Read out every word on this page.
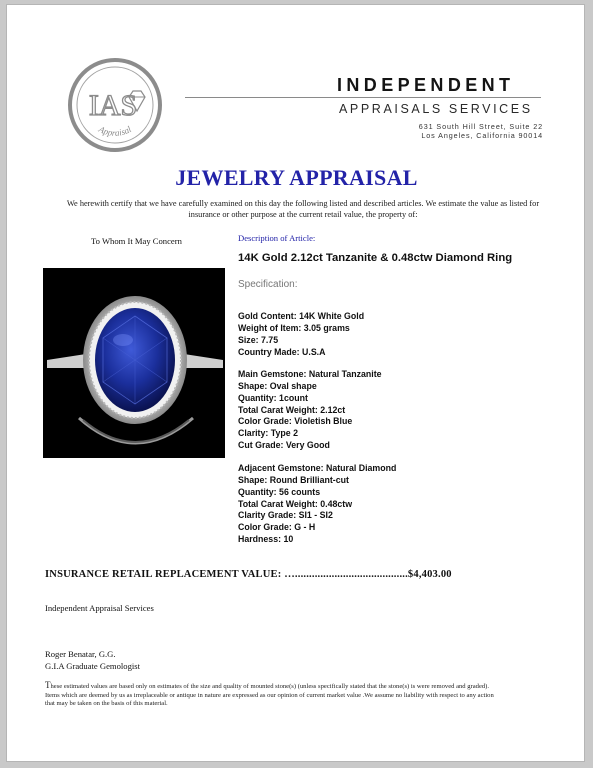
IAS
Appraisal
INDEPENDENT
APPRAISALS SERVICES
631 South Hill Street, Suite 22
Los Angeles, California 90014
JEWELRY APPRAISAL
We herewith certify that we have carefully examined on this day the following listed and described articles. We estimate the value as listed for insurance or other purpose at the current retail value, the property of:
To Whom It May Concern	Description of Article:
14K Gold 2.12ct Tanzanite & 0.48ctw Diamond Ring
Specification:
Gold Content: 14K White Gold
Weight of Item: 3.05 grams
Size: 7.75
Country Made: U.S.A
Main Gemstone: Natural Tanzanite
Shape: Oval shape
Quantity: 1count
Total Carat Weight: 2.12ct
Color Grade: Violetish Blue
Clarity: Type 2
Cut Grade: Very Good
Adjacent Gemstone: Natural Diamond
Shape: Round Brilliant-cut
Quantity: 56 counts
Total Carat Weight: 0.48ctw
Clarity Grade: SI1 - SI2
Color Grade: G - H
Hardness: 10
INSURANCE RETAIL REPLACEMENT VALUE: …........................................$4,403.00
Independent Appraisal Services
Roger Benatar, G.G.
G.I.A Graduate Gemologist
These estimated values are based only on estimates of the size and quality of mounted stone(s) (unless specifically stated that the stone(s) is were removed and graded). Items which are deemed by us as irreplaceable or antique in nature are expressed as our opinion of current market value .We assume no liability with respect to any action that may be taken on the basis of this material.
